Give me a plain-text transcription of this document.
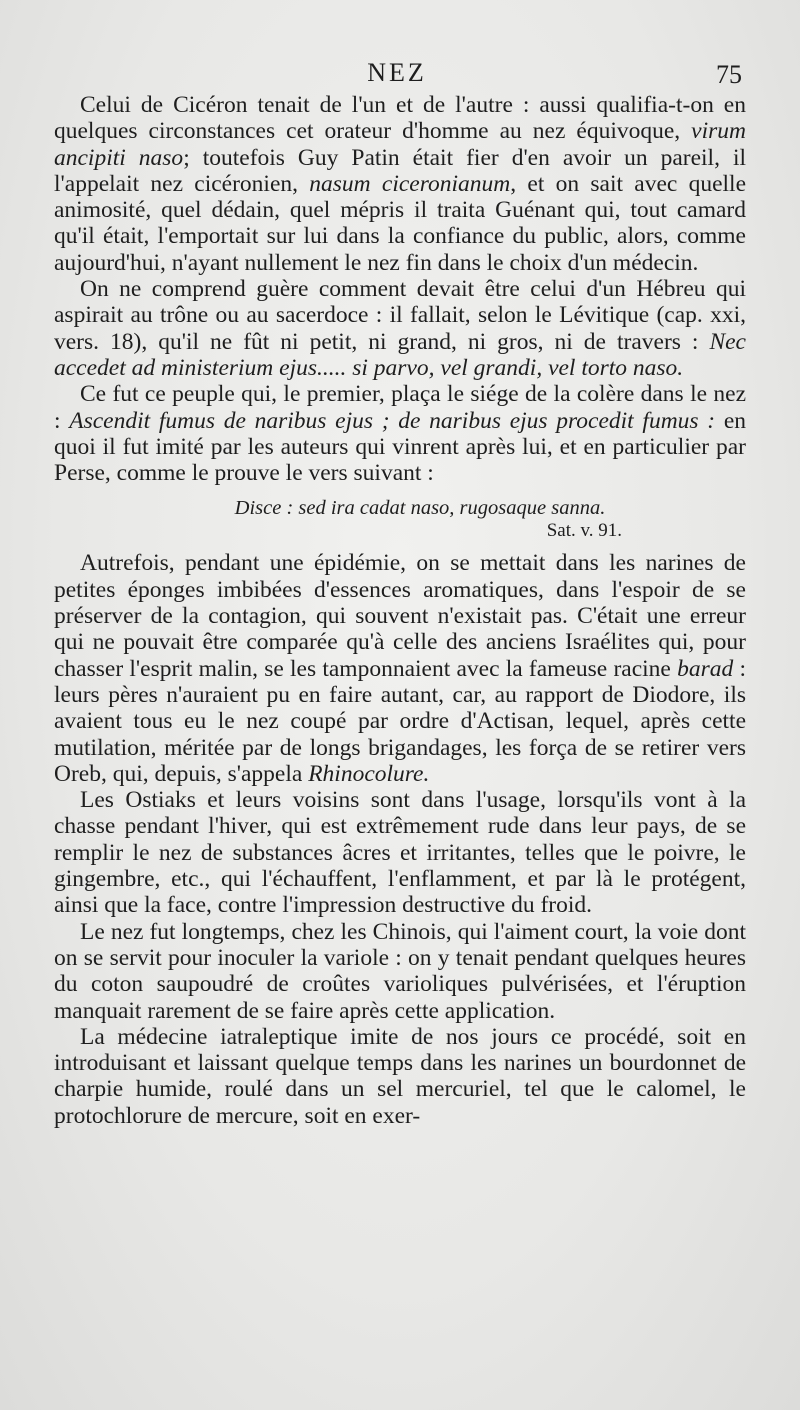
NEZ	75

Celui de Cicéron tenait de l'un et de l'autre : aussi qualifia-t-on en quelques circonstances cet orateur d'homme au nez équivoque, virum ancipiti naso; toutefois Guy Patin était fier d'en avoir un pareil, il l'appelait nez cicéronien, nasum ciceronianum, et on sait avec quelle animosité, quel dédain, quel mépris il traita Guénant qui, tout camard qu'il était, l'emportait sur lui dans la confiance du public, alors, comme aujourd'hui, n'ayant nullement le nez fin dans le choix d'un médecin.

On ne comprend guère comment devait être celui d'un Hébreu qui aspirait au trône ou au sacerdoce : il fallait, selon le Lévitique (cap. xxi, vers. 18), qu'il ne fût ni petit, ni grand, ni gros, ni de travers : Nec accedet ad ministerium ejus..... si parvo, vel grandi, vel torto naso.

Ce fut ce peuple qui, le premier, plaça le siége de la colère dans le nez : Ascendit fumus de naribus ejus ; de naribus ejus procedit fumus : en quoi il fut imité par les auteurs qui vinrent après lui, et en particulier par Perse, comme le prouve le vers suivant :

Disce : sed ira cadat naso, rugosaque sanna.
Sat. v. 91.

Autrefois, pendant une épidémie, on se mettait dans les narines de petites éponges imbibées d'essences aromatiques, dans l'espoir de se préserver de la contagion, qui souvent n'existait pas. C'était une erreur qui ne pouvait être comparée qu'à celle des anciens Israélites qui, pour chasser l'esprit malin, se les tamponnaient avec la fameuse racine barad : leurs pères n'auraient pu en faire autant, car, au rapport de Diodore, ils avaient tous eu le nez coupé par ordre d'Actisan, lequel, après cette mutilation, méritée par de longs brigandages, les força de se retirer vers Oreb, qui, depuis, s'appela Rhinocolure.

Les Ostiaks et leurs voisins sont dans l'usage, lorsqu'ils vont à la chasse pendant l'hiver, qui est extrêmement rude dans leur pays, de se remplir le nez de substances âcres et irritantes, telles que le poivre, le gingembre, etc., qui l'échauffent, l'enflamment, et par là le protégent, ainsi que la face, contre l'impression destructive du froid.

Le nez fut longtemps, chez les Chinois, qui l'aiment court, la voie dont on se servit pour inoculer la variole : on y tenait pendant quelques heures du coton saupoudré de croûtes varioliques pulvérisées, et l'éruption manquait rarement de se faire après cette application.

La médecine iatraleptique imite de nos jours ce procédé, soit en introduisant et laissant quelque temps dans les narines un bourdonnet de charpie humide, roulé dans un sel mercuriel, tel que le calomel, le protochlorure de mercure, soit en exer-
